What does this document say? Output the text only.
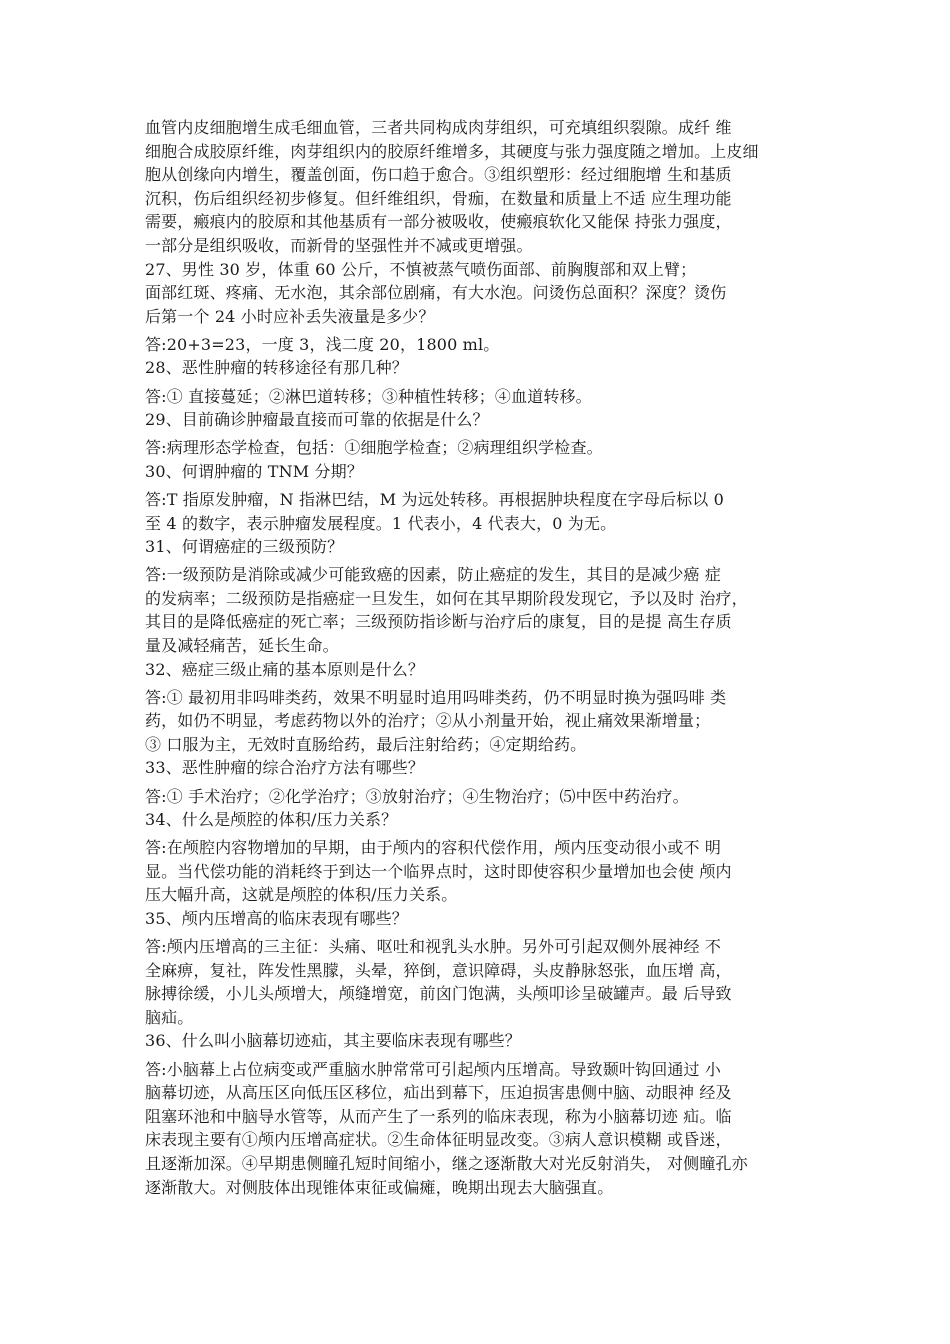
血管内皮细胞增生成毛细血管，三者共同构成肉芽组织，可充填组织裂隙。成纤 维
细胞合成胶原纤维，肉芽组织内的胶原纤维增多，其硬度与张力强度随之增加。上皮细
胞从创缘向内增生，覆盖创面，伤口趋于愈合。③组织塑形：经过细胞增 生和基质
沉积，伤后组织经初步修复。但纤维组织，骨痂，在数量和质量上不适 应生理功能
需要，瘢痕内的胶原和其他基质有一部分被吸收，使瘢痕软化又能保 持张力强度，
一部分是组织吸收，而新骨的坚强性并不减或更增强。
27、男性 30 岁，体重 60 公斤，不慎被蒸气喷伤面部、前胸腹部和双上臂；
面部红斑、疼痛、无水泡，其余部位剧痛，有大水泡。问烫伤总面积？深度？烫伤
后第一个 24 小时应补丢失液量是多少？
答:20+3=23，一度 3，浅二度 20，1800 ml。
28、恶性肿瘤的转移途径有那几种？
答:① 直接蔓延；②淋巴道转移；③种植性转移；④血道转移。
29、目前确诊肿瘤最直接而可靠的依据是什么？
答:病理形态学检查，包括：①细胞学检查；②病理组织学检查。
30、何谓肿瘤的 TNM 分期？
答:T 指原发肿瘤，N 指淋巴结，M 为远处转移。再根据肿块程度在字母后标以 0
至 4 的数字，表示肿瘤发展程度。1 代表小，4 代表大，0 为无。
31、何谓癌症的三级预防？
答:一级预防是消除或减少可能致癌的因素，防止癌症的发生，其目的是减少癌 症
的发病率；二级预防是指癌症一旦发生，如何在其早期阶段发现它，予以及时 治疗，
其目的是降低癌症的死亡率；三级预防指诊断与治疗后的康复，目的是提 高生存质
量及减轻痛苦，延长生命。
32、癌症三级止痛的基本原则是什么？
答:① 最初用非吗啡类药，效果不明显时追用吗啡类药，仍不明显时换为强吗啡 类
药，如仍不明显，考虑药物以外的治疗；②从小剂量开始，视止痛效果渐增量；
③ 口服为主，无效时直肠给药，最后注射给药；④定期给药。
33、恶性肿瘤的综合治疗方法有哪些？
答:① 手术治疗；②化学治疗；③放射治疗；④生物治疗；⑸中医中药治疗。
34、什么是颅腔的体积/压力关系？
答:在颅腔内容物增加的早期，由于颅内的容积代偿作用，颅内压变动很小或不 明
显。当代偿功能的消耗终于到达一个临界点时，这时即使容积少量增加也会使 颅内
压大幅升高，这就是颅腔的体积/压力关系。
35、颅内压增高的临床表现有哪些？
答:颅内压增高的三主征：头痛、呕吐和视乳头水肿。另外可引起双侧外展神经 不
全麻痹，复社，阵发性黑朦，头晕，猝倒，意识障碍，头皮静脉怒张，血压增 高，
脉搏徐缓，小儿头颅增大，颅缝增宽，前囟门饱满，头颅叩诊呈破罐声。最 后导致
脑疝。
36、什么叫小脑幕切迹疝，其主要临床表现有哪些？
答:小脑幕上占位病变或严重脑水肿常常可引起颅内压增高。导致颞叶钩回通过 小
脑幕切迹，从高压区向低压区移位，疝出到幕下，压迫损害患侧中脑、动眼神 经及
阻塞环池和中脑导水管等，从而产生了一系列的临床表现，称为小脑幕切迹 疝。临
床表现主要有①颅内压增高症状。②生命体征明显改变。③病人意识模糊 或昏迷，
且逐渐加深。④早期患侧瞳孔短时间缩小，继之逐渐散大对光反射消失， 对侧瞳孔亦
逐渐散大。对侧肢体出现锥体束征或偏瘫，晚期出现去大脑强直。
